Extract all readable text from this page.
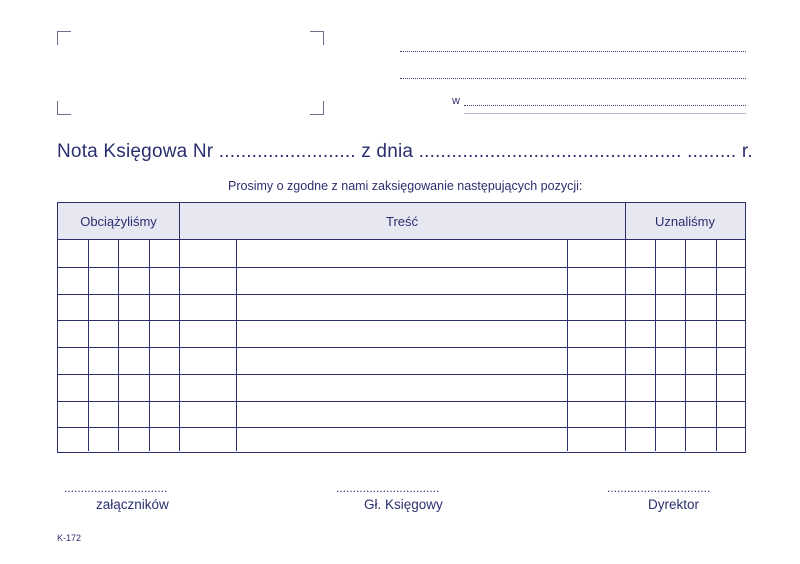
w
Nota Księgowa Nr ......................... z dnia ................................................ ......... r.
Prosimy o zgodne z nami zaksięgowanie następujących pozycji:
Obciążyliśmy	Treść	Uznaliśmy
...............................
załączników
...............................
Gł. Księgowy
...............................
Dyrektor
K-172
